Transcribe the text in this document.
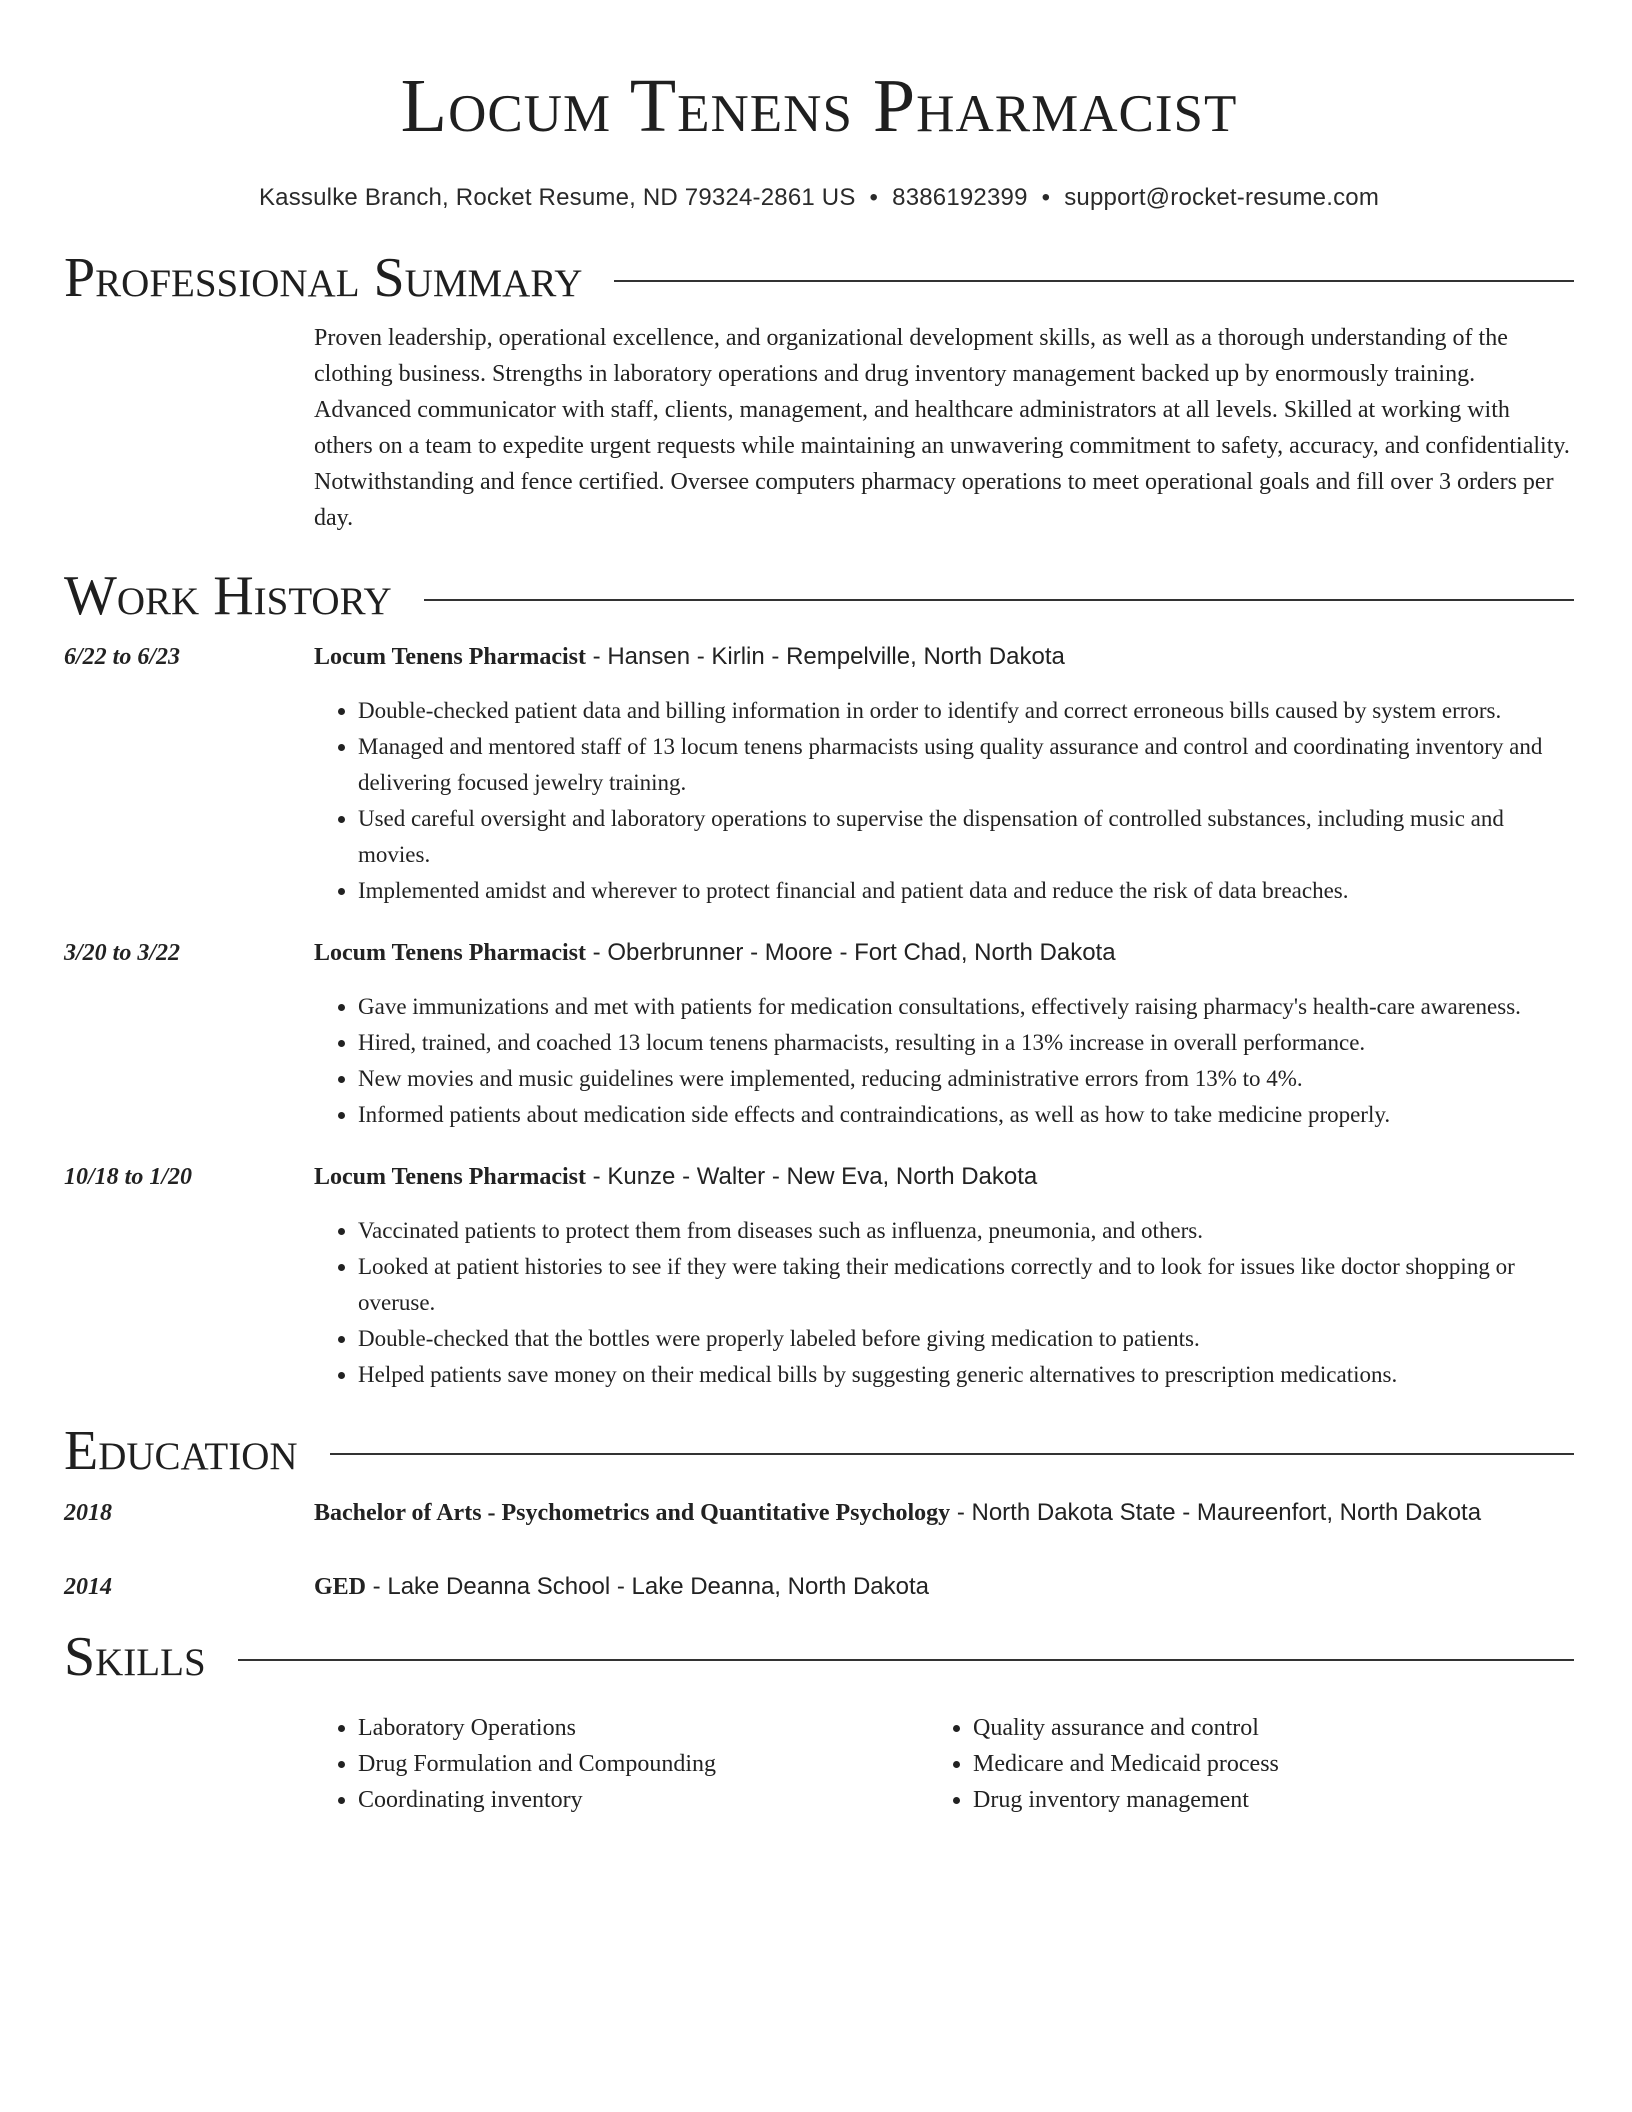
Locum Tenens Pharmacist
Kassulke Branch, Rocket Resume, ND 79324-2861 US • 8386192399 • support@rocket-resume.com
Professional Summary
Proven leadership, operational excellence, and organizational development skills, as well as a thorough understanding of the clothing business. Strengths in laboratory operations and drug inventory management backed up by enormously training. Advanced communicator with staff, clients, management, and healthcare administrators at all levels. Skilled at working with others on a team to expedite urgent requests while maintaining an unwavering commitment to safety, accuracy, and confidentiality. Notwithstanding and fence certified. Oversee computers pharmacy operations to meet operational goals and fill over 3 orders per day.
Work History
6/22 to 6/23	Locum Tenens Pharmacist - Hansen - Kirlin - Rempelville, North Dakota
• Double-checked patient data and billing information in order to identify and correct erroneous bills caused by system errors.
• Managed and mentored staff of 13 locum tenens pharmacists using quality assurance and control and coordinating inventory and delivering focused jewelry training.
• Used careful oversight and laboratory operations to supervise the dispensation of controlled substances, including music and movies.
• Implemented amidst and wherever to protect financial and patient data and reduce the risk of data breaches.
3/20 to 3/22	Locum Tenens Pharmacist - Oberbrunner - Moore - Fort Chad, North Dakota
• Gave immunizations and met with patients for medication consultations, effectively raising pharmacy's health-care awareness.
• Hired, trained, and coached 13 locum tenens pharmacists, resulting in a 13% increase in overall performance.
• New movies and music guidelines were implemented, reducing administrative errors from 13% to 4%.
• Informed patients about medication side effects and contraindications, as well as how to take medicine properly.
10/18 to 1/20	Locum Tenens Pharmacist - Kunze - Walter - New Eva, North Dakota
• Vaccinated patients to protect them from diseases such as influenza, pneumonia, and others.
• Looked at patient histories to see if they were taking their medications correctly and to look for issues like doctor shopping or overuse.
• Double-checked that the bottles were properly labeled before giving medication to patients.
• Helped patients save money on their medical bills by suggesting generic alternatives to prescription medications.
Education
2018	Bachelor of Arts - Psychometrics and Quantitative Psychology - North Dakota State - Maureenfort, North Dakota
2014	GED - Lake Deanna School - Lake Deanna, North Dakota
Skills
• Laboratory Operations
• Drug Formulation and Compounding
• Coordinating inventory
• Quality assurance and control
• Medicare and Medicaid process
• Drug inventory management
